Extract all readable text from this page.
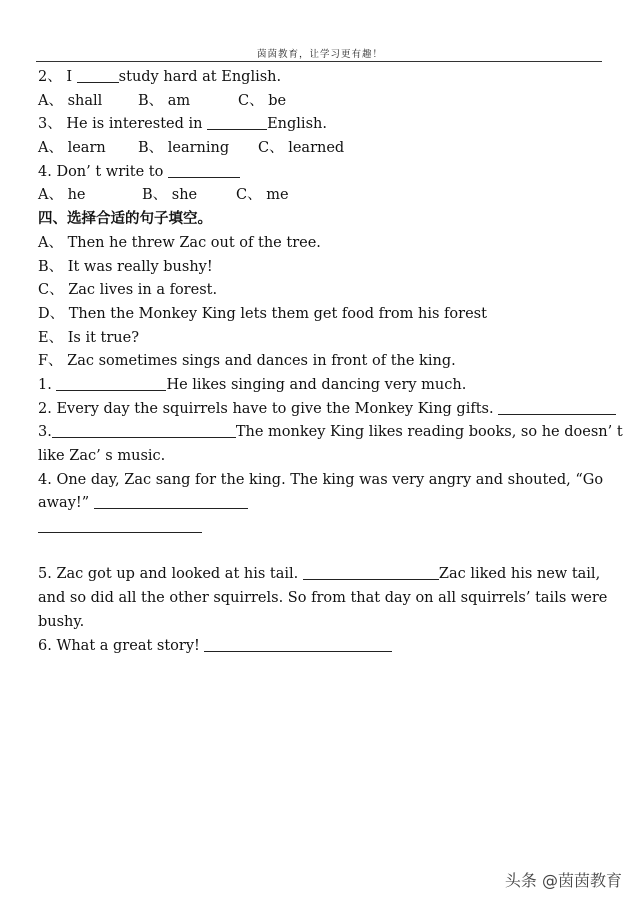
茵茵教育，让学习更有趣！
2、 I	study hard at English.
A、 shall B、 am	C、 be
3、 He is interested in	English.
A、 learn B、 learning C、 learned
4. Don’ t write to
A、 he	B、 she	C、 me
四、选择合适的句子填空。
A、 Then he threw Zac out of the tree.
B、 It was really bushy!
C、 Zac lives in a forest.
D、 Then the Monkey King lets them get food from his forest
E、 Is it true?
F、 Zac sometimes sings and dances in front of the king.
1.	He likes singing and dancing very much.
2. Every day the squirrels have to give the Monkey King gifts.
3.	The monkey King likes reading books, so he doesn’ t
like Zac’ s music.
4. One day, Zac sang for the king. The king was very angry and shouted, “Go
away!”
5. Zac got up and looked at his tail.	Zac liked his new tail,
and so did all the other squirrels. So from that day on all squirrels’ tails were
bushy.
6. What a great story!
头条 @茵茵教育
